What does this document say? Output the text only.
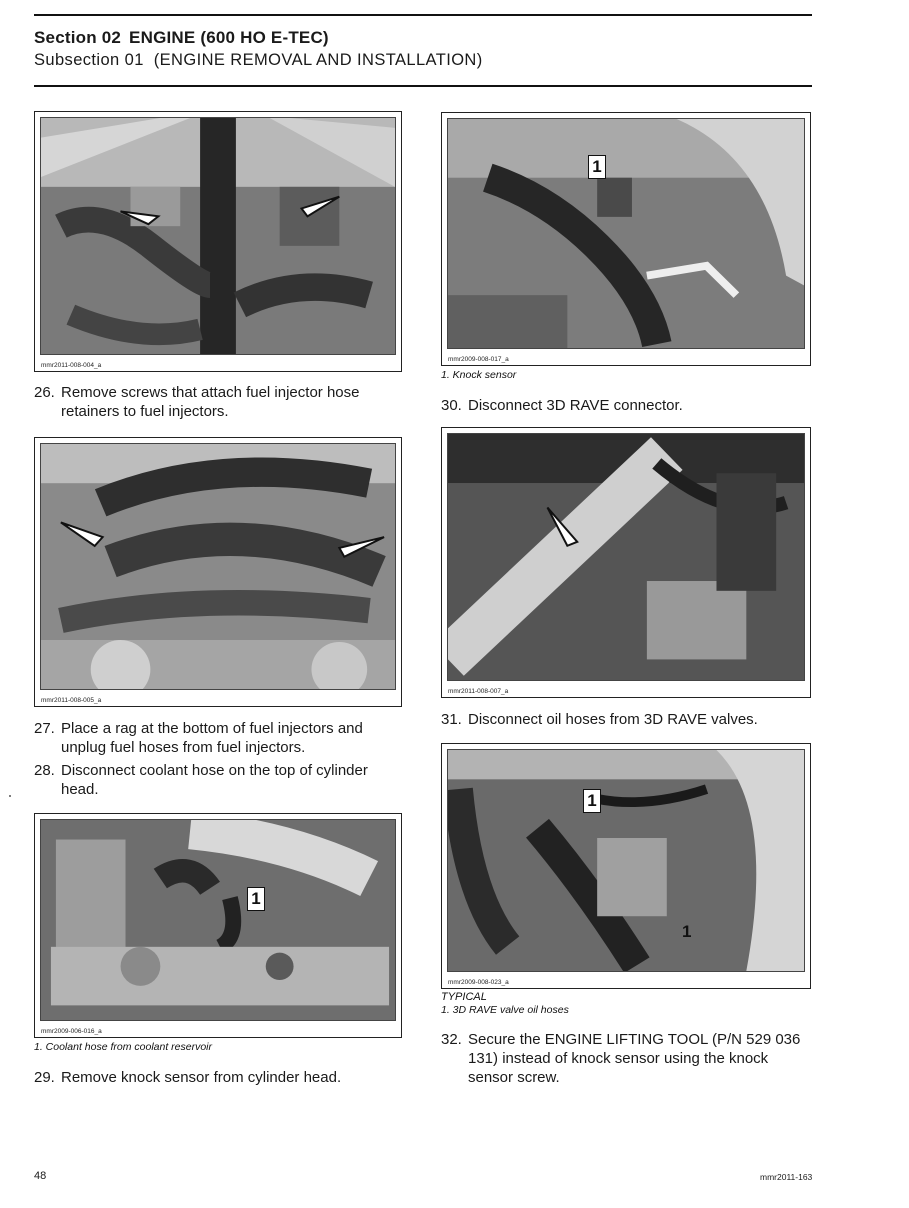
Section 02 ENGINE (600 HO E-TEC)
Subsection 01 (ENGINE REMOVAL AND INSTALLATION)
mmr2011-008-004_a
26. Remove screws that attach fuel injector hose
retainers to fuel injectors.
mmr2011-008-005_a
27. Place a rag at the bottom of fuel injectors and
unplug fuel hoses from fuel injectors.
28. Disconnect coolant hose on the top of cylinder
head.
1
mmr2009-006-016_a
1. Coolant hose from coolant reservoir
29. Remove knock sensor from cylinder head.
1
mmr2009-008-017_a
1. Knock sensor
30. Disconnect 3D RAVE connector.
mmr2011-008-007_a
31. Disconnect oil hoses from 3D RAVE valves.
1
1
mmr2009-008-023_a
TYPICAL
1. 3D RAVE valve oil hoses
32. Secure the ENGINE LIFTING TOOL (P/N 529 036
131) instead of knock sensor using the knock
sensor screw.
48	mmr2011-163
